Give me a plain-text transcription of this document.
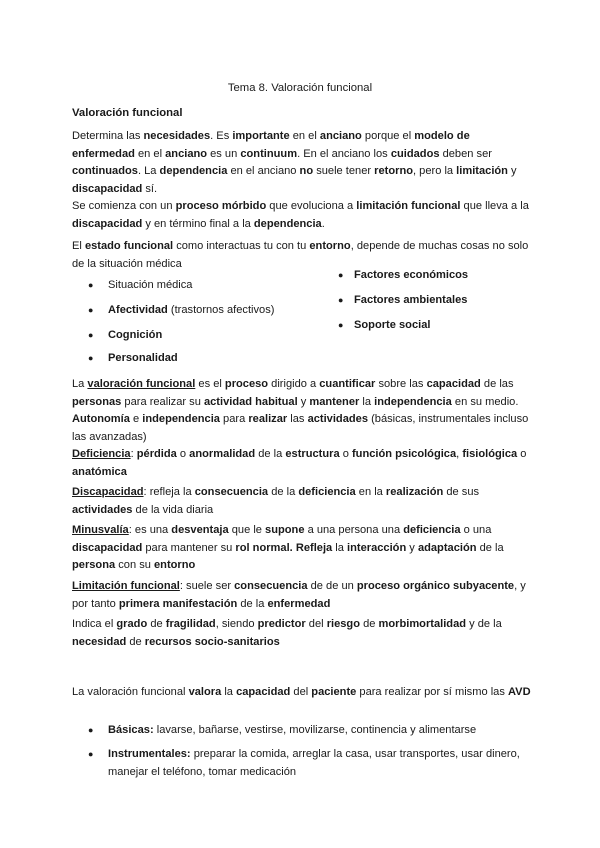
Tema 8. Valoración funcional
Valoración funcional

Determina las necesidades. Es importante en el anciano porque el modelo de enfermedad en el anciano es un continuum. En el anciano los cuidados deben ser continuados. La dependencia en el anciano no suele tener retorno, pero la limitación y discapacidad sí.

Se comienza con un proceso mórbido que evoluciona a limitación funcional que lleva a la discapacidad y en término final a la dependencia.

El estado funcional como interactuas tu con tu entorno, depende de muchas cosas no solo de la situación médica

● Situación médica
● Afectividad (trastornos afectivos)
● Cognición
● Personalidad
● Factores económicos
● Factores ambientales
● Soporte social

La valoración funcional es el proceso dirigido a cuantificar sobre las capacidad de las personas para realizar su actividad habitual y mantener la independencia en su medio. Autonomía e independencia para realizar las actividades (básicas, instrumentales incluso las avanzadas)

Deficiencia: pérdida o anormalidad de la estructura o función psicológica, fisiológica o anatómica

Discapacidad: refleja la consecuencia de la deficiencia en la realización de sus actividades de la vida diaria

Minusvalía: es una desventaja que le supone a una persona una deficiencia o una discapacidad para mantener su rol normal. Refleja la interacción y adaptación de la persona con su entorno

Limitación funcional: suele ser consecuencia de de un proceso orgánico subyacente, y por tanto primera manifestación de la enfermedad

Indica el grado de fragilidad, siendo predictor del riesgo de morbimortalidad y de la necesidad de recursos socio-sanitarios

La valoración funcional valora la capacidad del paciente para realizar por sí mismo las AVD

● Básicas: lavarse, bañarse, vestirse, movilizarse, continencia y alimentarse
● Instrumentales: preparar la comida, arreglar la casa, usar transportes, usar dinero, manejar el teléfono, tomar medicación
